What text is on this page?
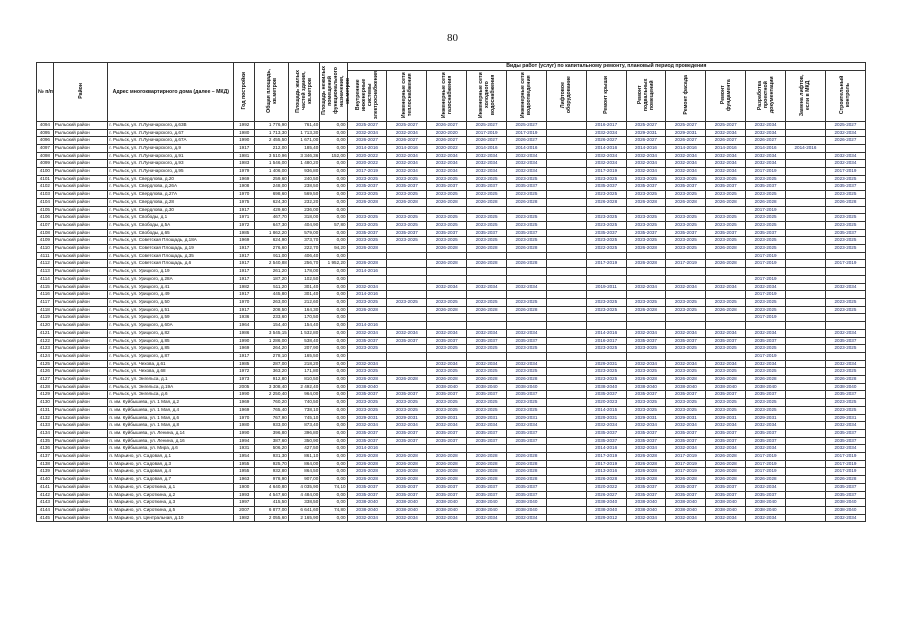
80
№ п/п	Район	Адрес многоквартирного дома (далее – МКД)	Год постройки	Общая площадь, кв.метров	Площадь жилых частей здания, кв.метров	Площадь нежилых помещений функционального назначения, кв.метров	Виды работ (услуг) по капитальному ремонту, плановый период проведения												
							Внутренние инженерные системы электроснабжения	Инженерные сети теплоснабжения	Инженерные сети газоснабжения	Инженерные сети холодного водоснабжения	Инженерные сети водоотведения	Лифтовое оборудование	Ремонт крыши	Ремонт подвальных помещений	Ремонт фасада	Ремонт фундамента	Разработка проектной документации	Замена лифтов, если в МКД	Строительный контроль
4094	Рыльский район	г. Рыльск, ул. Л.Луначарского, д.63В	1992	1 776,90	761,40	0,00	2025-2027	2025-2027	2026-2027	2025-2027	2025-2027		2016-2017	2025-2027	2025-2027	2025-2027	2032-2034		2025-2027
4095	Рыльский район	г. Рыльск, ул. Л.Луначарского, д.67	1980	1 713,30	1 713,30	0,00	2032-2034	2032-2034	2020-2020	2017-2019	2017-2019		2032-2034	2029-2031	2029-2031	2032-2034	2032-2034		2032-2034
4096	Рыльский район	г. Рыльск, ул. Л.Луначарского, д.67А	1990	2 455,50	1 671,00	0,00	2026-2027	2026-2027	2026-2027	2026-2027	2026-2027		2026-2027	2026-2027	2026-2027	2026-2027	2026-2027		2026-2027
4097	Рыльский район	г. Рыльск, ул. Л.Луначарского, д.9	1917	212,00	185,40	0,00	2014-2016	2014-2016	2020-2022	2014-2016	2014-2016		2014-2016	2014-2016	2014-2016	2014-2016	2014-2016	2014-2016	
4098	Рыльский район	г. Рыльск, ул. Л.Луначарского, д.91	1981	3 510,96	3 346,36	152,00	2020-2022	2032-2034	2032-2034	2032-2034	2032-2034		2032-2034	2032-2034	2032-2034	2032-2034	2032-2034		2032-2034
4099	Рыльский район	г. Рыльск, ул. Л.Луначарского, д.93	1983	1 546,00	1 480,20	0,00	2020-2022	2032-2034	2032-2034	2032-2034	2032-2034		2032-2034	2032-2034	2032-2034	2032-2034	2032-2034		2032-2034
4100	Рыльский район	г. Рыльск, ул. Л.Луначарского, д.95	1979	1 406,00	936,80	0,00	2017-2019	2032-2034	2032-2034	2032-2034	2032-2034		2017-2019	2032-2034	2032-2034	2032-2034	2017-2019		2017-2019
4101	Рыльский район	г. Рыльск, ул. Свердлова, д.20	1969	259,60	240,50	0,00	2023-2025	2023-2025	2023-2025	2023-2025	2023-2025		2023-2025	2023-2025	2023-2025	2023-2025	2023-2025		2023-2025
4102	Рыльский район	г. Рыльск, ул. Свердлова, д.26А	1908	248,00	238,50	0,00	2035-2037	2035-2037	2035-2037	2035-2037	2035-2037		2035-2037	2035-2037	2035-2037	2035-2037	2035-2037		2035-2037
4103	Рыльский район	г. Рыльск, ул. Свердлова, д.27А	1970	698,60	569,50	0,00	2023-2025	2023-2025	2023-2025	2023-2025	2023-2025		2023-2025	2023-2025	2023-2025	2023-2025	2023-2025		2023-2025
4104	Рыльский район	г. Рыльск, ул. Свердлова, д.28	1975	624,30	232,20	0,00	2026-2028	2026-2028	2026-2028	2026-2028	2026-2028		2026-2028	2026-2028	2026-2028	2026-2028	2026-2028		2026-2028
4105	Рыльский район	г. Рыльск, ул. Свердлова, д.30	1917	429,60	236,00	0,00											2017-2019		
4106	Рыльский район	г. Рыльск, ул. Свободы, д.1	1971	467,70	318,00	0,00	2023-2025	2023-2025	2023-2025	2023-2025	2023-2025		2023-2025	2023-2025	2023-2025	2023-2025	2023-2025		2023-2025
4107	Рыльский район	г. Рыльск, ул. Свободы, д.5А	1972	647,30	404,90	57,80	2023-2025	2023-2025	2023-2025	2023-2025	2023-2025		2023-2025	2023-2025	2023-2025	2023-2025	2023-2025		2023-2025
4108	Рыльский район	г. Рыльск, ул. Свободы, д.65	1985	1 862,20	579,00	0,00	2035-2037	2035-2037	2035-2037	2035-2037	2035-2037		2035-2037	2035-2037	2035-2037	2035-2037	2035-2037		2035-2037
4109	Рыльский район	г. Рыльск, ул. Советская Площадь, д.18А	1969	624,90	373,70	0,00	2023-2025	2023-2025	2023-2025	2023-2025	2023-2025		2023-2025	2023-2025	2023-2025	2023-2025	2023-2025		2023-2025
4110	Рыльский район	г. Рыльск, ул. Советская Площадь, д.19	1917	276,60	222,70	94,20	2026-2028		2026-2028	2026-2028	2026-2028		2022-2025	2026-2028	2023-2025	2026-2028	2023-2025		2023-2025
4111	Рыльский район	г. Рыльск, ул. Советская Площадь, д.35	1917	911,00	406,40	0,00											2017-2019		
4112	Рыльский район	г. Рыльск, ул. Советская Площадь, д.6	1917	2 540,88	256,70	1 952,20	2026-2028		2026-2028	2026-2028	2026-2028		2017-2019	2026-2028	2017-2019	2026-2028	2017-2019		2017-2019
4113	Рыльский район	г. Рыльск, ул. Урицкого, д.19	1917	261,20	178,00	0,00	2014-2016												
4114	Рыльский район	г. Рыльск, ул. Урицкого, д.28А	1917	187,20	102,50	0,00											2017-2019		
4115	Рыльский район	г. Рыльск, ул. Урицкого, д.41	1982	511,20	301,40	0,00	2032-2034		2032-2034	2032-2034	2032-2034		2019-2011	2032-2034	2032-2034	2032-2034	2032-2034		2032-2034
4116	Рыльский район	г. Рыльск, ул. Урицкого, д.49	1917	445,80	301,40	0,00	2014-2016										2017-2019		
4117	Рыльский район	г. Рыльск, ул. Урицкого, д.50	1970	263,00	212,60	0,00	2023-2025	2023-2025	2023-2025	2023-2025	2023-2025		2023-2025	2023-2025	2023-2025	2023-2025	2023-2025		2023-2025
4118	Рыльский район	г. Рыльск, ул. Урицкого, д.51	1917	208,50	164,30	0,00	2026-2028		2026-2028	2026-2028	2026-2028		2023-2025	2026-2028	2023-2025	2026-2028	2023-2025		2023-2025
4119	Рыльский район	г. Рыльск, ул. Урицкого, д.59	1936	233,60	170,50	0,00											2017-2019		
4120	Рыльский район	г. Рыльск, ул. Урицкого, д.60А	1964	154,40	154,40	0,00	2014-2016												
4121	Рыльский район	г. Рыльск, ул. Урицкого, д.82	1986	3 545,15	1 532,80	0,00	2032-2034	2032-2034	2032-2034	2032-2034	2032-2034		2014-2016	2032-2034	2032-2034	2032-2034	2032-2034		2032-2034
4122	Рыльский район	г. Рыльск, ул. Урицкого, д.85	1990	1 286,00	538,40	0,00	2035-2037	2035-2037	2035-2037	2035-2037	2035-2037		2016-2017	2035-2037	2035-2037	2035-2037	2035-2037		2035-2037
4123	Рыльский район	г. Рыльск, ул. Урицкого, д.85	1969	264,20	207,90	0,00	2023-2025		2023-2025	2023-2025	2023-2025		2023-2025	2023-2025	2023-2025	2023-2025	2023-2025		2023-2025
4124	Рыльский район	г. Рыльск, ул. Урицкого, д.87	1917	278,10	165,50	0,00											2017-2019		
4125	Рыльский район	г. Рыльск, ул. Чехова, д.61	1985	287,00	218,20	0,00	2032-2034		2032-2034	2032-2034	2032-2034		2029-2031	2032-2034	2032-2034	2032-2034	2032-2034		2032-2034
4126	Рыльский район	г. Рыльск, ул. Чехова, д.68	1972	363,20	171,80	0,00	2023-2025		2023-2025	2023-2025	2023-2025		2023-2025	2023-2025	2023-2025	2023-2025	2023-2025		2023-2025
4127	Рыльский район	г. Рыльск, ул. Энгельса, д.1	1973	912,80	810,50	0,00	2026-2028	2026-2028	2026-2028	2026-2028	2026-2028		2023-2025	2026-2028	2026-2028	2026-2028	2026-2028		2026-2028
4128	Рыльский район	г. Рыльск, ул. Энгельса, д.19А	2005	3 308,40	2 492,40	0,00	2038-2040		2038-2040	2038-2040	2038-2040		2038-2040	2038-2040	2038-2040	2038-2040	2038-2040		2038-2040
4129	Рыльский район	г. Рыльск, ул. Энгельса, д.6	1990	2 250,40	964,00	0,00	2035-2037	2035-2037	2035-2037	2035-2037	2035-2037		2035-2037	2035-2037	2035-2037	2035-2037	2035-2037		2035-2037
4130	Рыльский район	п. им. Куйбышева, ул. 1 Мая, д.2	1969	760,20	740,50	0,00	2023-2025	2023-2025	2023-2025	2023-2025	2023-2025		2020-2023	2023-2025	2023-2025	2023-2025	2023-2025		2023-2025
4131	Рыльский район	п. им. Куйбышева, ул. 1 Мая, д.4	1969	765,40	738,10	0,00	2023-2025	2023-2025	2023-2025	2023-2025	2023-2025		2014-2015	2023-2025	2023-2025	2023-2025	2023-2025		2023-2025
4132	Рыльский район	п. им. Куйбышева, ул. 1 Мая, д.6	1970	767,90	745,10	0,00	2029-2031	2029-2031	2029-2031	2029-2031	2029-2031		2029-2031	2029-2031	2029-2031	2029-2031	2029-2031		2029-2031
4133	Рыльский район	п. им. Куйбышева, ул. 1 Мая, д.8	1980	933,00	873,40	0,00	2032-2034	2032-2034	2032-2034	2032-2034	2032-2034		2032-2034	2032-2034	2032-2034	2032-2034	2032-2034		2032-2034
4134	Рыльский район	п. им. Куйбышева, ул. Ленина, д.14	1990	396,80	396,80	0,00	2035-2037	2035-2037	2035-2037	2035-2037	2035-2037		2035-2037	2035-2037	2035-2037	2035-2037	2035-2037		2035-2037
4135	Рыльский район	п. им. Куйбышева, ул. Ленина, д.16	1994	387,60	350,90	0,00	2035-2037	2035-2037	2035-2037	2035-2037	2035-2037		2035-2037	2035-2037	2035-2037	2035-2037	2035-2037		2035-2037
4136	Рыльский район	п. им. Куйбышева, ул. Мира, д.6	1931	506,20	427,50	0,00	2014-2016						2014-2016	2032-2034	2032-2034	2032-2034	2032-2034		2032-2034
4137	Рыльский район	п. Марьино, ул. Садовая, д.1	1954	931,30	861,10	0,00	2026-2028	2026-2028	2026-2028	2026-2028	2026-2028		2017-2019	2026-2028	2017-2019	2026-2028	2017-2019		2017-2019
4138	Рыльский район	п. Марьино, ул. Садовая, д.3	1955	925,70	864,00	0,00	2026-2028	2026-2028	2026-2028	2026-2028	2026-2028		2017-2019	2026-2028	2017-2019	2026-2028	2017-2019		2017-2019
4139	Рыльский район	п. Марьино, ул. Садовая, д.4	1955	932,80	864,50	0,00	2026-2028	2026-2028	2026-2028	2026-2028	2026-2028		2013-2016	2026-2028	2017-2019	2026-2028	2017-2019		2017-2019
4140	Рыльский район	п. Марьино, ул. Садовая, д.7	1963	978,90	907,00	0,00	2026-2028	2026-2028	2026-2028	2026-2028	2026-2028		2026-2028	2026-2028	2026-2028	2026-2028	2026-2028		2026-2028
4141	Рыльский район	п. Марьино, ул. Сироткина, д.1	1900	4 640,80	4 035,90	74,10	2035-2037	2035-2037	2035-2037	2035-2037	2035-2037		2020-2022	2035-2037	2035-2037	2035-2037	2032-2034		2035-2037
4142	Рыльский район	п. Марьино, ул. Сироткина, д.2	1993	4 547,60	4 484,00	0,00	2035-2037	2035-2037	2035-2037	2035-2037	2035-2037		2026-2027	2035-2037	2035-2037	2035-2037	2035-2037		2035-2037
4143	Рыльский район	п. Марьино, ул. Сироткина, д.3	1997	415,50	338,50	0,00	2038-2040	2038-2040	2038-2040	2038-2040	2038-2040		2038-2040	2038-2040	2038-2040	2038-2040	2038-2040		2038-2040
4144	Рыльский район	п. Марьино, ул. Сироткина, д.5	2007	6 877,00	6 641,60	74,80	2038-2040	2038-2040	2038-2040	2038-2040	2038-2040		2038-2040	2038-2040	2038-2040	2038-2040	2038-2040		2038-2040
4145	Рыльский район	п. Марьино, ул. Центральная, д.10	1982	2 055,60	2 165,90	0,00	2032-2034	2032-2034	2032-2034	2032-2034	2032-2034		2029-2012	2032-2034	2032-2034	2032-2034	2032-2034		2032-2034
